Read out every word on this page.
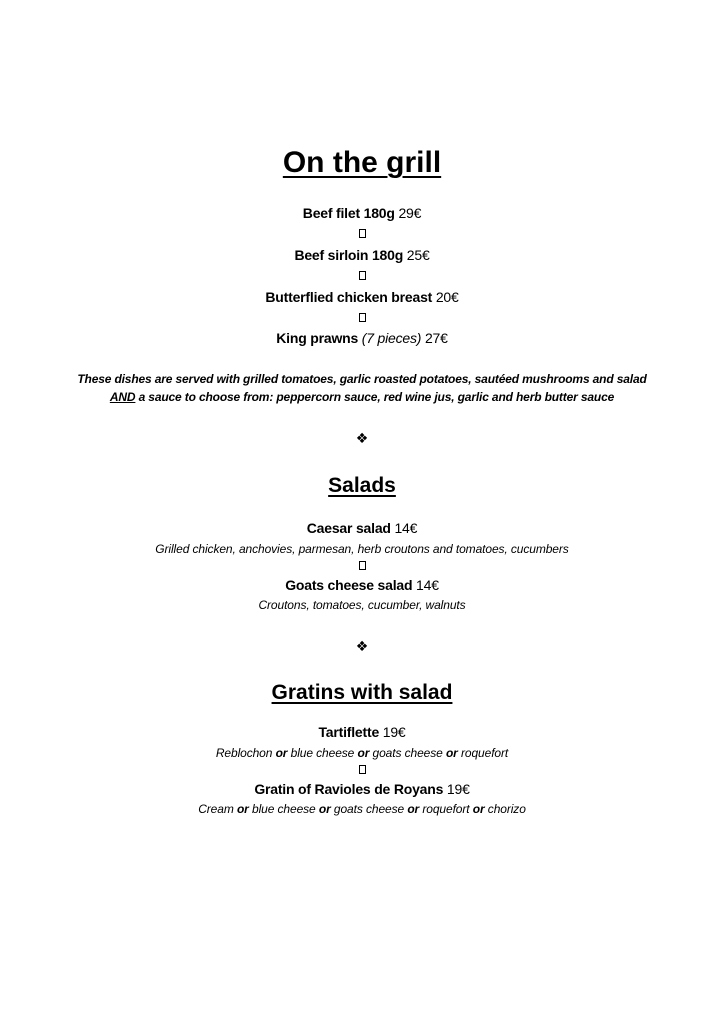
On the grill
Beef filet 180g 29€
Beef sirloin 180g 25€
Butterflied chicken breast 20€
King prawns (7 pieces) 27€
These dishes are served with grilled tomatoes, garlic roasted potatoes, sautéed mushrooms and salad
AND a sauce to choose from: peppercorn sauce, red wine jus, garlic and herb butter sauce
❖
Salads
Caesar salad 14€
Grilled chicken, anchovies, parmesan, herb croutons and tomatoes, cucumbers
Goats cheese salad 14€
Croutons, tomatoes, cucumber, walnuts
❖
Gratins with salad
Tartiflette 19€
Reblochon or blue cheese or goats cheese or roquefort
Gratin of Ravioles de Royans 19€
Cream or blue cheese or goats cheese or roquefort or chorizo
